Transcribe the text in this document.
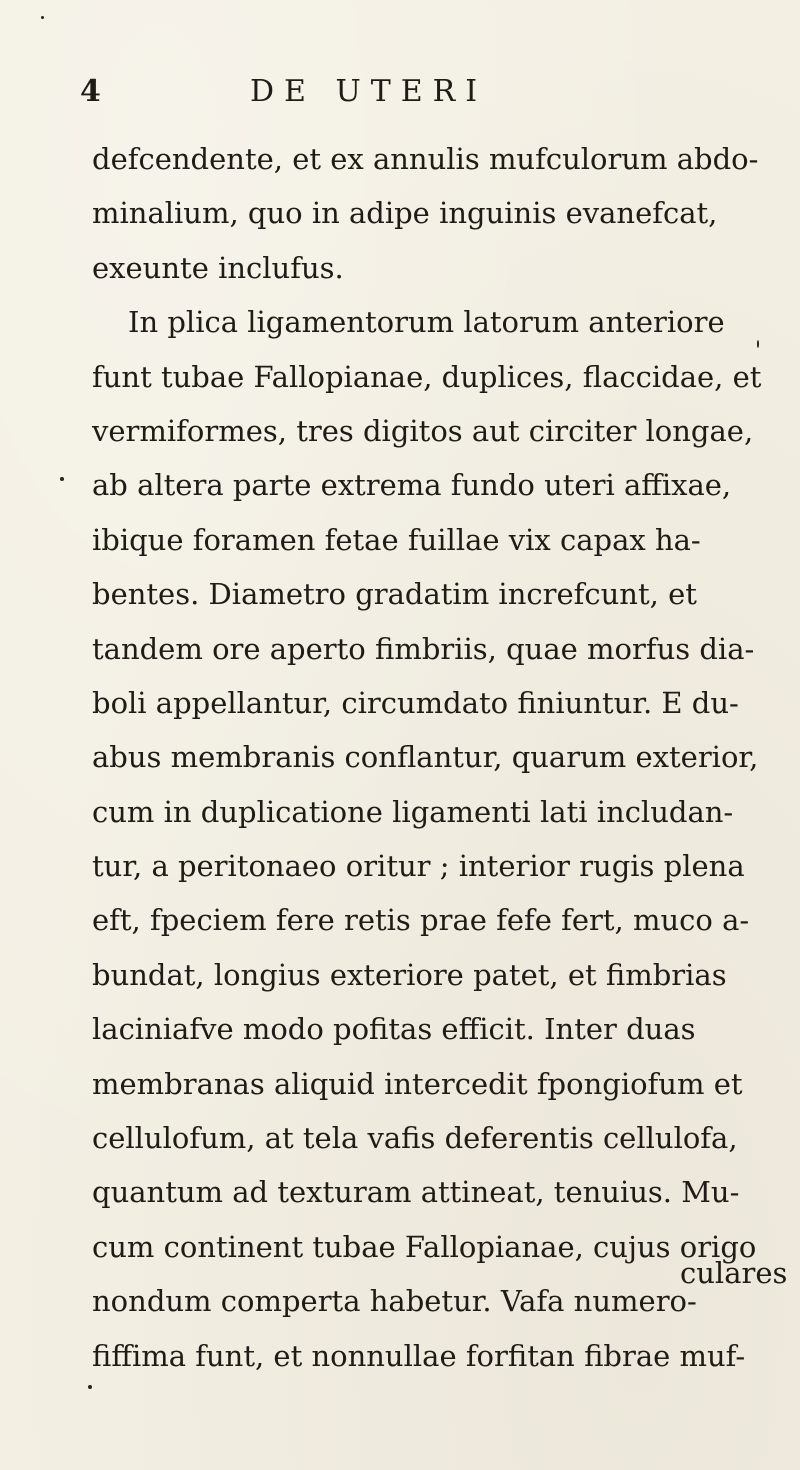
4	DE UTERI
defcendente, et ex annulis mufculorum abdo-
minalium, quo in adipe inguinis evanefcat,
exeunte inclufus.
In plica ligamentorum latorum anteriore
funt tubae Fallopianae, duplices, flaccidae, et
vermiformes, tres digitos aut circiter longae,
ab altera parte extrema fundo uteri affixae,
ibique foramen fetae fuillae vix capax ha-
bentes. Diametro gradatim increfcunt, et
tandem ore aperto fimbriis, quae morfus dia-
boli appellantur, circumdato finiuntur. E du-
abus membranis conflantur, quarum exterior,
cum in duplicatione ligamenti lati includan-
tur, a peritonaeo oritur ; interior rugis plena
eft, fpeciem fere retis prae fefe fert, muco a-
bundat, longius exteriore patet, et fimbrias
laciniafve modo pofitas efficit. Inter duas
membranas aliquid intercedit fpongiofum et
cellulofum, at tela vafis deferentis cellulofa,
quantum ad texturam attineat, tenuius. Mu-
cum continent tubae Fallopianae, cujus origo
nondum comperta habetur. Vafa numero-
fiffima funt, et nonnullae forfitan fibrae muf-
culares
